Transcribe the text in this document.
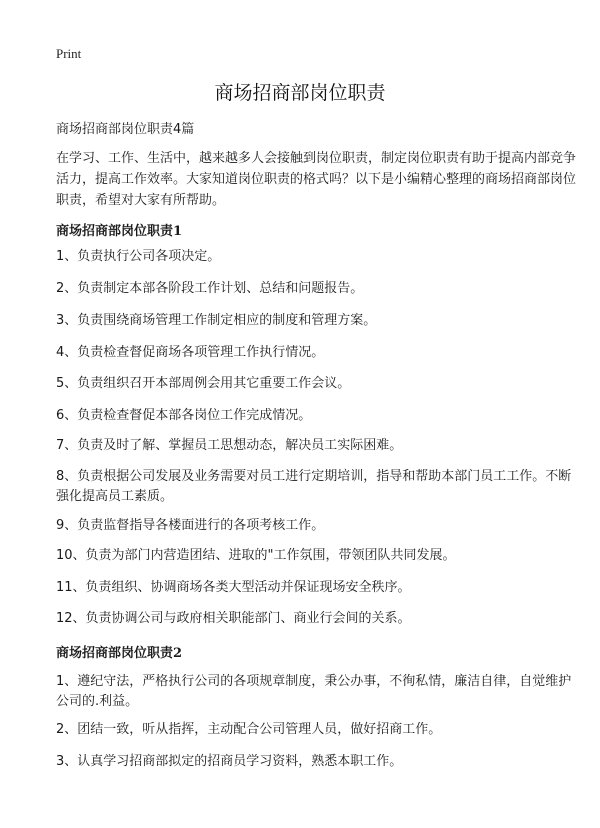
Print
商场招商部岗位职责

商场招商部岗位职责4篇

在学习、工作、生活中，越来越多人会接触到岗位职责，制定岗位职责有助于提高内部竞争活力，提高工作效率。大家知道岗位职责的格式吗？以下是小编精心整理的商场招商部岗位职责，希望对大家有所帮助。

商场招商部岗位职责1

1、负责执行公司各项决定。

2、负责制定本部各阶段工作计划、总结和问题报告。

3、负责围绕商场管理工作制定相应的制度和管理方案。

4、负责检查督促商场各项管理工作执行情况。

5、负责组织召开本部周例会用其它重要工作会议。

6、负责检查督促本部各岗位工作完成情况。

7、负责及时了解、掌握员工思想动态，解决员工实际困难。

8、负责根据公司发展及业务需要对员工进行定期培训，指导和帮助本部门员工工作。不断强化提高员工素质。

9、负责监督指导各楼面进行的各项考核工作。

10、负责为部门内营造团结、进取的"工作氛围，带领团队共同发展。

11、负责组织、协调商场各类大型活动并保证现场安全秩序。

12、负责协调公司与政府相关职能部门、商业行会间的关系。

商场招商部岗位职责2

1、遵纪守法，严格执行公司的各项规章制度，秉公办事，不徇私情，廉洁自律，自觉维护公司的.利益。

2、团结一致，听从指挥，主动配合公司管理人员，做好招商工作。

3、认真学习招商部拟定的招商员学习资料，熟悉本职工作。
